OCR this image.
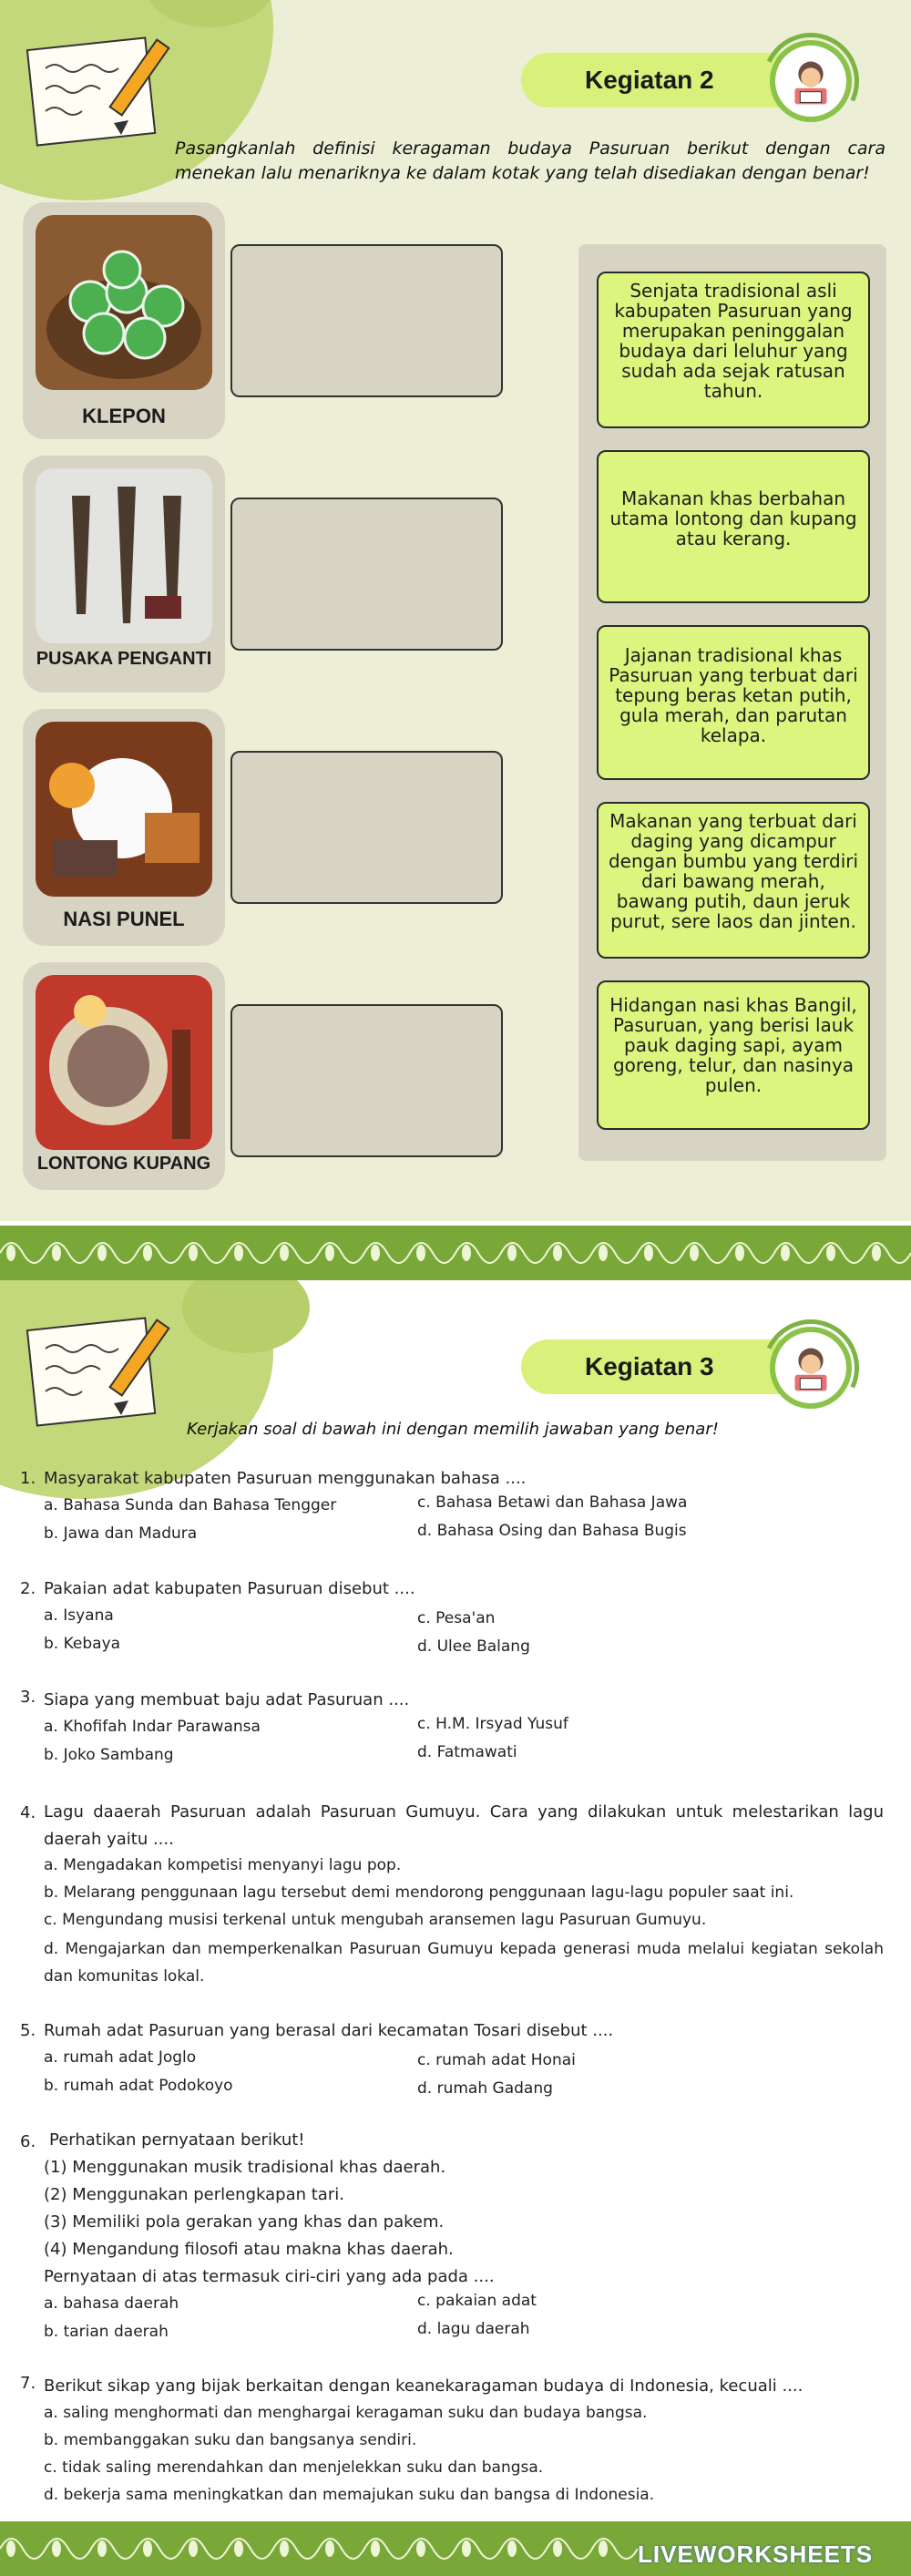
Kegiatan 2

Pasangkanlah definisi keragaman budaya Pasuruan berikut dengan cara menekan lalu menariknya ke dalam kotak yang telah disediakan dengan benar!

KLEPON
PUSAKA PENGANTI
NASI PUNEL
LONTONG KUPANG
Senjata tradisional asli kabupaten Pasuruan yang merupakan peninggalan budaya dari leluhur yang sudah ada sejak ratusan tahun.
Makanan khas berbahan utama lontong dan kupang atau kerang.
Jajanan tradisional khas Pasuruan yang terbuat dari tepung beras ketan putih, gula merah, dan parutan kelapa.
Makanan yang terbuat dari daging yang dicampur dengan bumbu yang terdiri dari bawang merah, bawang putih, daun jeruk purut, sere laos dan jinten.
Hidangan nasi khas Bangil, Pasuruan, yang berisi lauk pauk daging sapi, ayam goreng, telur, dan nasinya pulen.
Kegiatan 3

Kerjakan soal di bawah ini dengan memilih jawaban yang benar!

1. Masyarakat kabupaten Pasuruan menggunakan bahasa ....
a. Bahasa Sunda dan Bahasa Tengger
b. Jawa dan Madura
c. Bahasa Betawi dan Bahasa Jawa
d. Bahasa Osing dan Bahasa Bugis
2. Pakaian adat kabupaten Pasuruan disebut ....
a. Isyana
b. Kebaya
c. Pesa'an
d. Ulee Balang
3. Siapa yang membuat baju adat Pasuruan ....
a. Khofifah Indar Parawansa
b. Joko Sambang
c. H.M. Irsyad Yusuf
d. Fatmawati
4. Lagu daaerah Pasuruan adalah Pasuruan Gumuyu. Cara yang dilakukan untuk melestarikan lagu daerah yaitu ....
a. Mengadakan kompetisi menyanyi lagu pop.
b. Melarang penggunaan lagu tersebut demi mendorong penggunaan lagu-lagu populer saat ini.
c. Mengundang musisi terkenal untuk mengubah aransemen lagu Pasuruan Gumuyu.
d. Mengajarkan dan memperkenalkan Pasuruan Gumuyu kepada generasi muda melalui kegiatan sekolah dan komunitas lokal.
5. Rumah adat Pasuruan yang berasal dari kecamatan Tosari disebut ....
a. rumah adat Joglo
b. rumah adat Podokoyo
c. rumah adat Honai
d. rumah Gadang
6. Perhatikan pernyataan berikut!
(1) Menggunakan musik tradisional khas daerah.
(2) Menggunakan perlengkapan tari.
(3) Memiliki pola gerakan yang khas dan pakem.
(4) Mengandung filosofi atau makna khas daerah.
Pernyataan di atas termasuk ciri-ciri yang ada pada ....
a. bahasa daerah
b. tarian daerah
c. pakaian adat
d. lagu daerah
7. Berikut sikap yang bijak berkaitan dengan keanekaragaman budaya di Indonesia, kecuali ....
a. saling menghormati dan menghargai keragaman suku dan budaya bangsa.
b. membanggakan suku dan bangsanya sendiri.
c. tidak saling merendahkan dan menjelekkan suku dan bangsa.
d. bekerja sama meningkatkan dan memajukan suku dan bangsa di Indonesia.
LIVEWORKSHEETS
